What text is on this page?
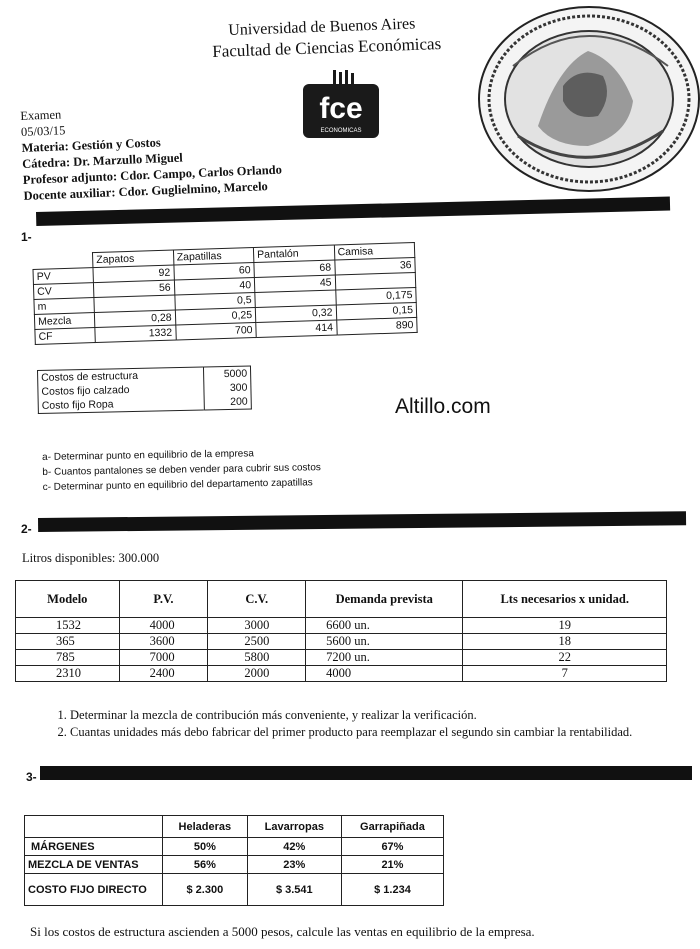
Universidad de Buenos Aires
Facultad de Ciencias Económicas
fce
ECONOMICAS
Examen
05/03/15
Materia: Gestión y Costos
Cátedra: Dr. Marzullo Miguel
Profesor adjunto: Cdor. Campo, Carlos Orlando
Docente auxiliar: Cdor. Guglielmino, Marcelo
1-
	Zapatos	Zapatillas	Pantalón	Camisa
PV	92	60	68	36
CV	56	40	45	
m		0,5		0,175
Mezcla	0,28	0,25	0,32	0,15
CF	1332	700	414	890
Costos de estructura	5000
Costos fijo calzado	300
Costo fijo Ropa	200	Altillo.com
a- Determinar punto en equilibrio de la empresa
b- Cuantos pantalones se deben vender para cubrir sus costos
c- Determinar punto en equilibrio del departamento zapatillas
2-
Litros disponibles: 300.000
Modelo	P.V.	C.V.	Demanda prevista	Lts necesarios x unidad.
1532	4000	3000	6600 un.	19
365	3600	2500	5600 un.	18
785	7000	5800	7200 un.	22
2310	2400	2000	4000	7
1. Determinar la mezcla de contribución más conveniente, y realizar la verificación.
2. Cuantas unidades más debo fabricar del primer producto para reemplazar el segundo sin cambiar la rentabilidad.
3-
	Heladeras	Lavarropas	Garrapiñada
MÁRGENES	50%	42%	67%
MEZCLA DE VENTAS	56%	23%	21%
COSTO FIJO DIRECTO	$ 2.300	$ 3.541	$ 1.234
Si los costos de estructura ascienden a 5000 pesos, calcule las ventas en equilibrio de la empresa.
